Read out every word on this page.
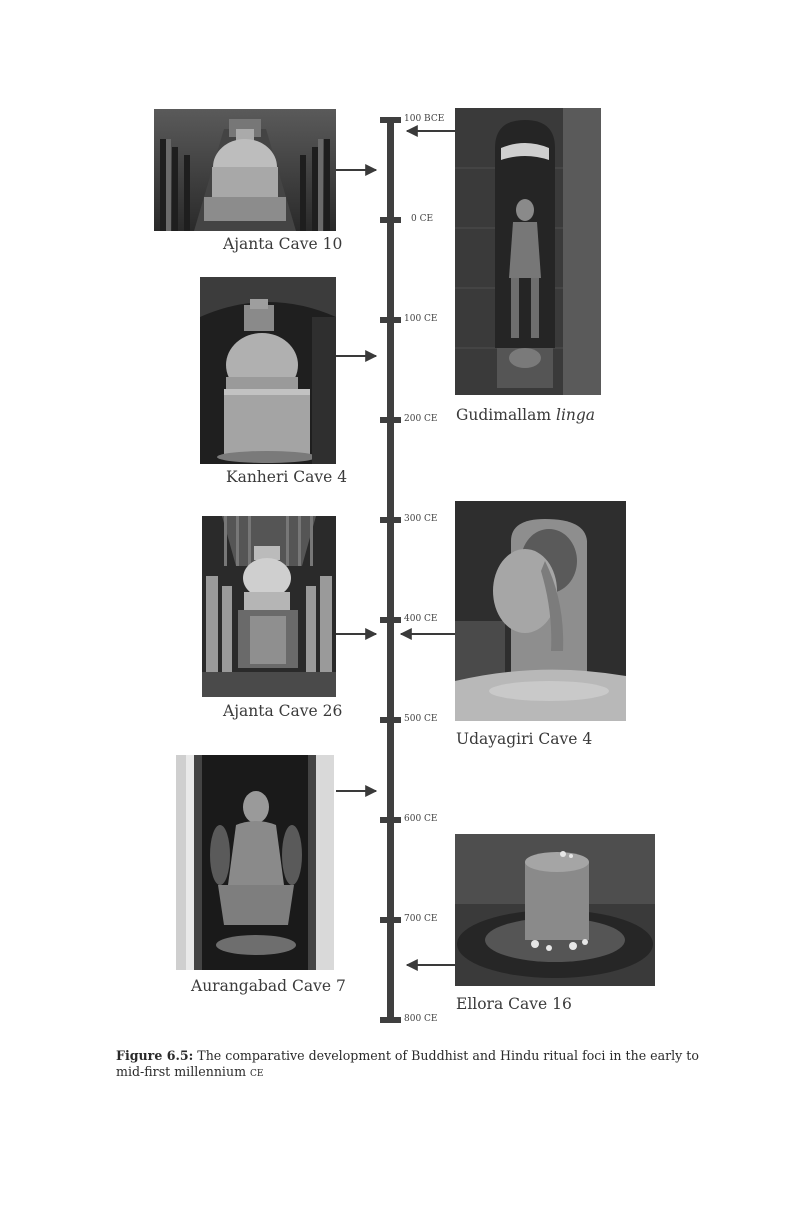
100 BCE
0 CE
100 CE
200 CE
300 CE
400 CE
500 CE
600 CE
700 CE
800 CE
Ajanta Cave 10
Kanheri Cave 4
Ajanta Cave 26
Aurangabad Cave 7
Gudimallam linga
Udayagiri Cave 4
Ellora Cave 16
Figure 6.5: The comparative development of Buddhist and Hindu ritual foci in the early to mid-first millennium ce
